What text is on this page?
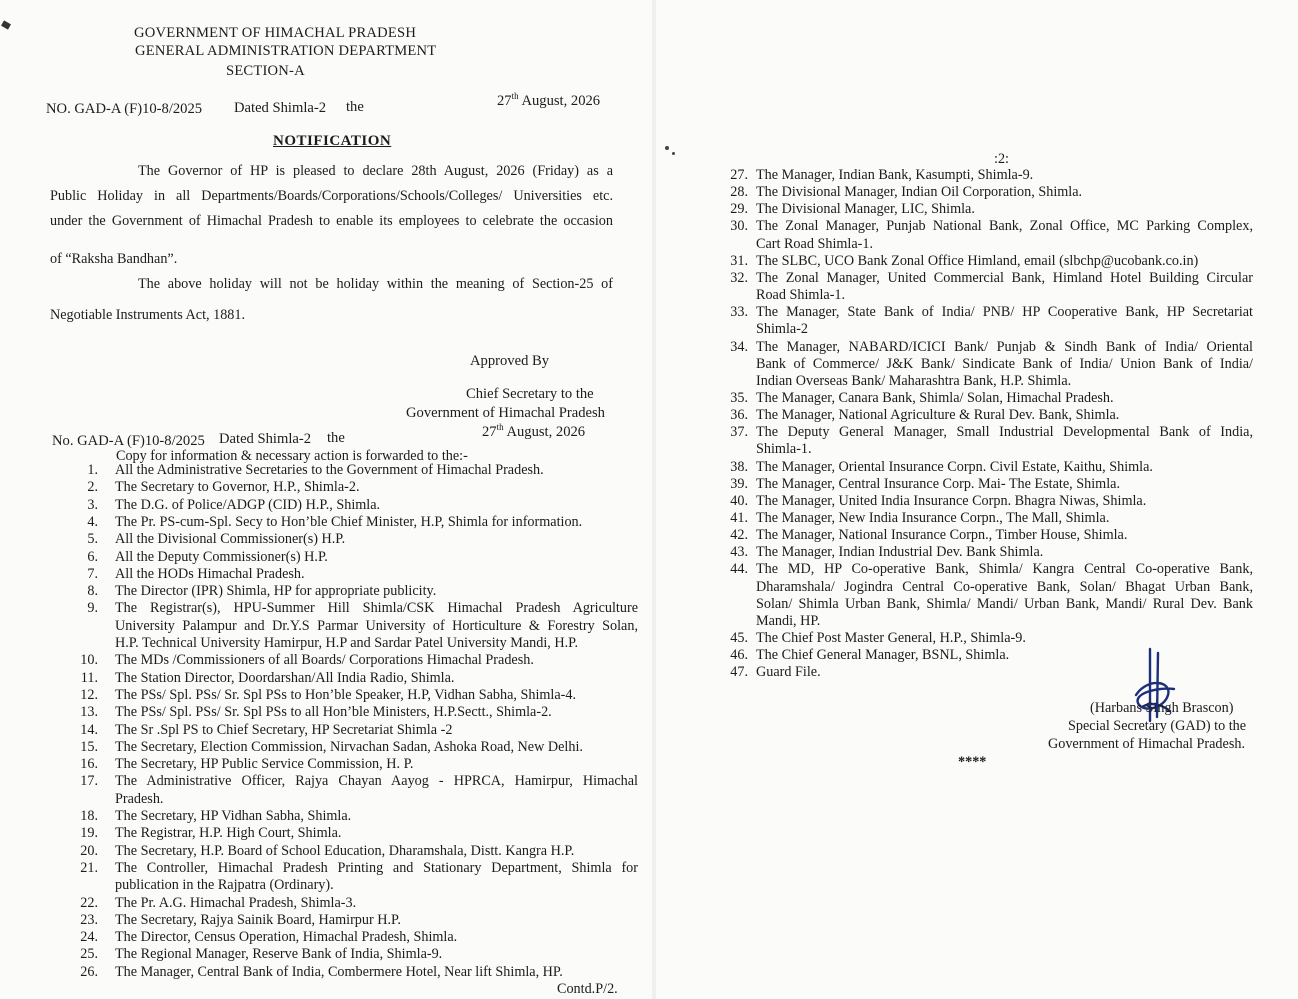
GOVERNMENT OF HIMACHAL PRADESH
GENERAL ADMINISTRATION DEPARTMENT
SECTION-A
NO. GAD-A (F)10-8/2025 Dated Shimla-2 the	27th August, 2026
NOTIFICATION
The Governor of HP is pleased to declare 28th August, 2026 (Friday) as a
Public Holiday in all Departments/Boards/Corporations/Schools/Colleges/ Universities etc.
under the Government of Himachal Pradesh to enable its employees to celebrate the occasion
of “Raksha Bandhan”.
The above holiday will not be holiday within the meaning of Section-25 of
Negotiable Instruments Act, 1881.
Approved By
Chief Secretary to the
Government of Himachal Pradesh
No. GAD-A (F)10-8/2025 Dated Shimla-2 the	27th August, 2026
Copy for information & necessary action is forwarded to the:-
1. All the Administrative Secretaries to the Government of Himachal Pradesh.
2. The Secretary to Governor, H.P., Shimla-2.
3. The D.G. of Police/ADGP (CID) H.P., Shimla.
4. The Pr. PS-cum-Spl. Secy to Hon’ble Chief Minister, H.P, Shimla for information.
5. All the Divisional Commissioner(s) H.P.
6. All the Deputy Commissioner(s) H.P.
7. All the HODs Himachal Pradesh.
8. The Director (IPR) Shimla, HP for appropriate publicity.
9. The Registrar(s), HPU-Summer Hill Shimla/CSK Himachal Pradesh Agriculture
University Palampur and Dr.Y.S Parmar University of Horticulture & Forestry Solan,
H.P. Technical University Hamirpur, H.P and Sardar Patel University Mandi, H.P.
10. The MDs /Commissioners of all Boards/ Corporations Himachal Pradesh.
11. The Station Director, Doordarshan/All India Radio, Shimla.
12. The PSs/ Spl. PSs/ Sr. Spl PSs to Hon’ble Speaker, H.P, Vidhan Sabha, Shimla-4.
13. The PSs/ Spl. PSs/ Sr. Spl PSs to all Hon’ble Ministers, H.P.Sectt., Shimla-2.
14. The Sr .Spl PS to Chief Secretary, HP Secretariat Shimla -2
15. The Secretary, Election Commission, Nirvachan Sadan, Ashoka Road, New Delhi.
16. The Secretary, HP Public Service Commission, H. P.
17. The Administrative Officer, Rajya Chayan Aayog - HPRCA, Hamirpur, Himachal
Pradesh.
18. The Secretary, HP Vidhan Sabha, Shimla.
19. The Registrar, H.P. High Court, Shimla.
20. The Secretary, H.P. Board of School Education, Dharamshala, Distt. Kangra H.P.
21. The Controller, Himachal Pradesh Printing and Stationary Department, Shimla for
publication in the Rajpatra (Ordinary).
22. The Pr. A.G. Himachal Pradesh, Shimla-3.
23. The Secretary, Rajya Sainik Board, Hamirpur H.P.
24. The Director, Census Operation, Himachal Pradesh, Shimla.
25. The Regional Manager, Reserve Bank of India, Shimla-9.
26. The Manager, Central Bank of India, Combermere Hotel, Near lift Shimla, HP.
Contd.P/2.
:2:
27. The Manager, Indian Bank, Kasumpti, Shimla-9.
28. The Divisional Manager, Indian Oil Corporation, Shimla.
29. The Divisional Manager, LIC, Shimla.
30. The Zonal Manager, Punjab National Bank, Zonal Office, MC Parking Complex,
Cart Road Shimla-1.
31. The SLBC, UCO Bank Zonal Office Himland, email (slbchp@ucobank.co.in)
32. The Zonal Manager, United Commercial Bank, Himland Hotel Building Circular
Road Shimla-1.
33. The Manager, State Bank of India/ PNB/ HP Cooperative Bank, HP Secretariat
Shimla-2
34. The Manager, NABARD/ICICI Bank/ Punjab & Sindh Bank of India/ Oriental
Bank of Commerce/ J&K Bank/ Sindicate Bank of India/ Union Bank of India/
Indian Overseas Bank/ Maharashtra Bank, H.P. Shimla.
35. The Manager, Canara Bank, Shimla/ Solan, Himachal Pradesh.
36. The Manager, National Agriculture & Rural Dev. Bank, Shimla.
37. The Deputy General Manager, Small Industrial Developmental Bank of India,
Shimla-1.
38. The Manager, Oriental Insurance Corpn. Civil Estate, Kaithu, Shimla.
39. The Manager, Central Insurance Corp. Mai- The Estate, Shimla.
40. The Manager, United India Insurance Corpn. Bhagra Niwas, Shimla.
41. The Manager, New India Insurance Corpn., The Mall, Shimla.
42. The Manager, National Insurance Corpn., Timber House, Shimla.
43. The Manager, Indian Industrial Dev. Bank Shimla.
44. The MD, HP Co-operative Bank, Shimla/ Kangra Central Co-operative Bank,
Dharamshala/ Jogindra Central Co-operative Bank, Solan/ Bhagat Urban Bank,
Solan/ Shimla Urban Bank, Shimla/ Mandi/ Urban Bank, Mandi/ Rural Dev. Bank
Mandi, HP.
45. The Chief Post Master General, H.P., Shimla-9.
46. The Chief General Manager, BSNL, Shimla.
47. Guard File.
(Harbans Singh Brascon)
Special Secretary (GAD) to the
Government of Himachal Pradesh.
****
